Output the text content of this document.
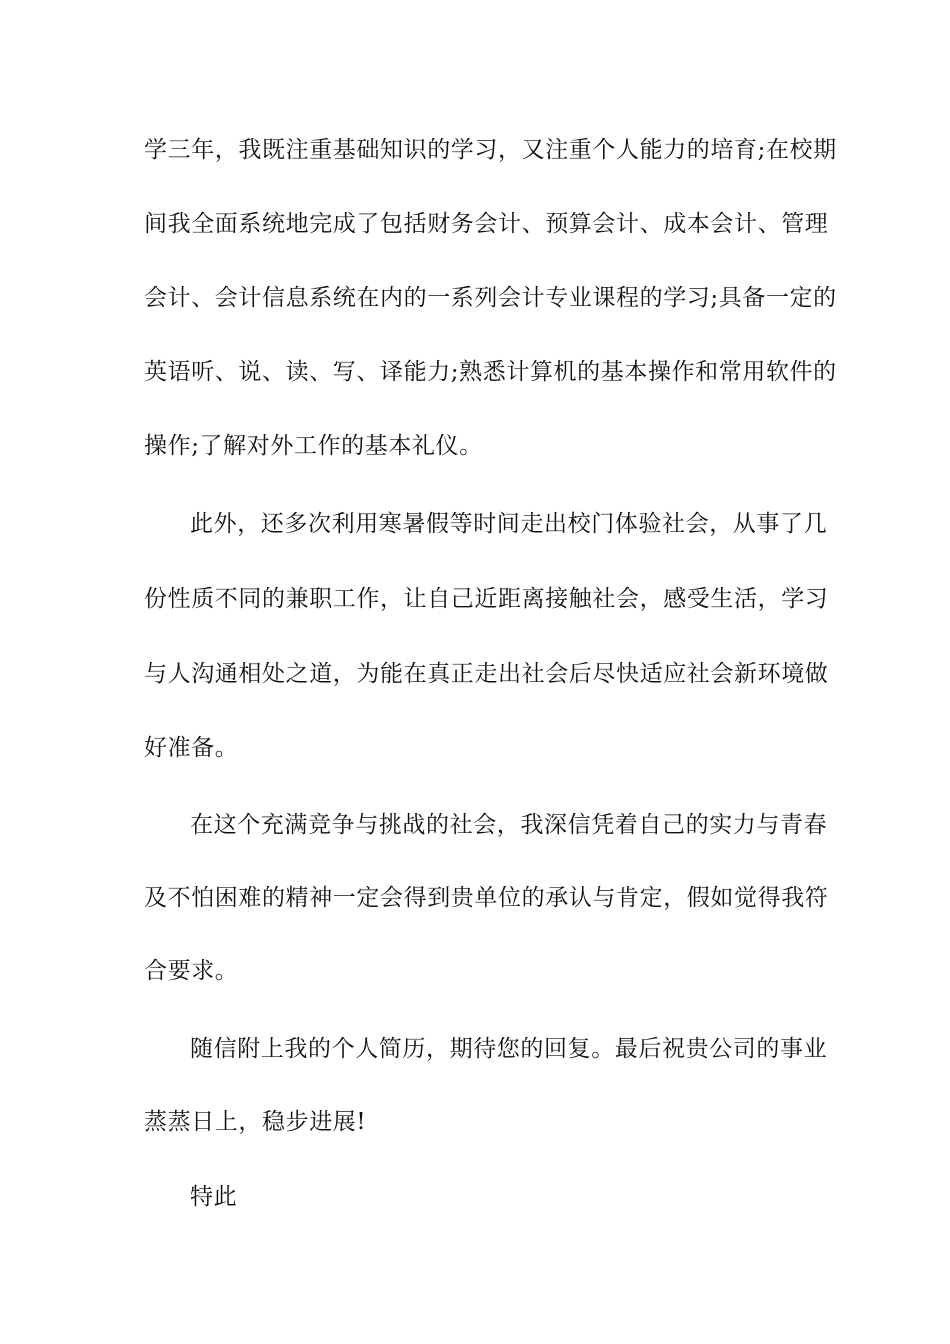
学三年，我既注重基础知识的学习，又注重个人能力的培育;在校期
间我全面系统地完成了包括财务会计、预算会计、成本会计、管理
会计、会计信息系统在内的一系列会计专业课程的学习;具备一定的
英语听、说、读、写、译能力;熟悉计算机的基本操作和常用软件的
操作;了解对外工作的基本礼仪。
此外，还多次利用寒暑假等时间走出校门体验社会，从事了几
份性质不同的兼职工作，让自己近距离接触社会，感受生活，学习
与人沟通相处之道，为能在真正走出社会后尽快适应社会新环境做
好准备。
在这个充满竞争与挑战的社会，我深信凭着自己的实力与青春
及不怕困难的精神一定会得到贵单位的承认与肯定，假如觉得我符
合要求。
随信附上我的个人简历，期待您的回复。最后祝贵公司的事业
蒸蒸日上，稳步进展!
特此
